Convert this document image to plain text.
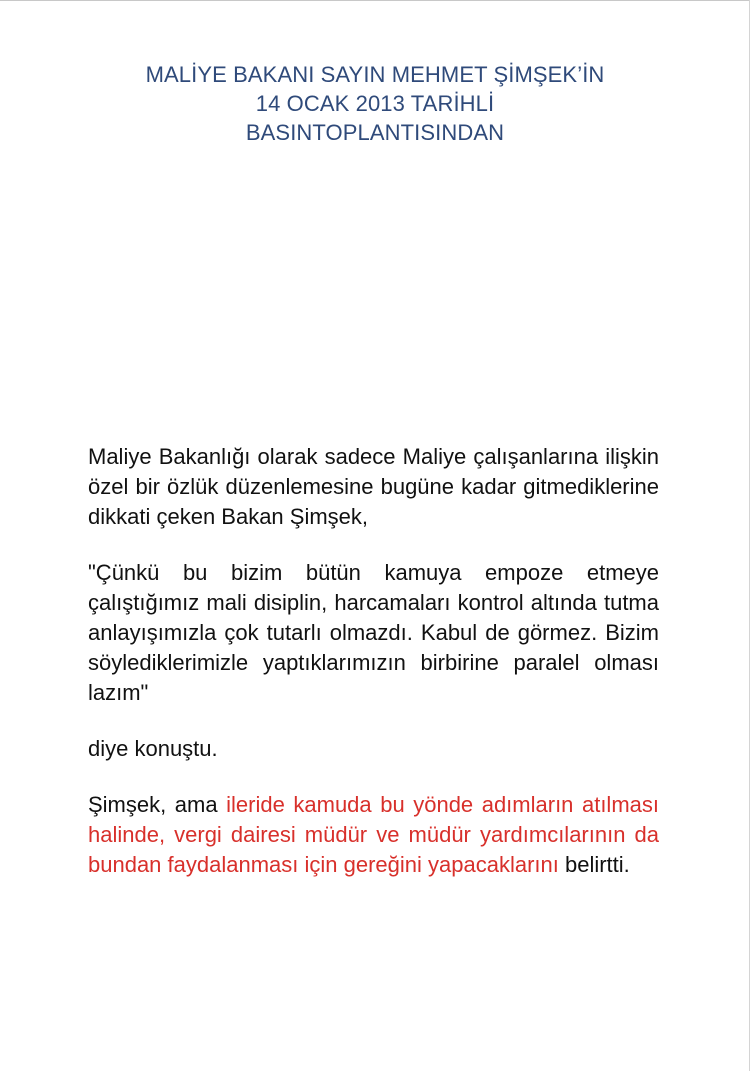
MALİYE BAKANI SAYIN MEHMET ŞİMŞEK’İN
14 OCAK 2013 TARİHLİ
BASINTOPLANTISINDAN

Maliye Bakanlığı olarak sadece Maliye çalışanlarına ilişkin özel bir özlük düzenlemesine bugüne kadar gitmediklerine dikkati çeken Bakan Şimşek,

"Çünkü bu bizim bütün kamuya empoze etmeye çalıştığımız mali disiplin, harcamaları kontrol altında tutma anlayışımızla çok tutarlı olmazdı. Kabul de görmez. Bizim söylediklerimizle yaptıklarımızın birbirine paralel olması lazım"

diye konuştu.

Şimşek, ama ileride kamuda bu yönde adımların atılması halinde, vergi dairesi müdür ve müdür yardımcılarının da bundan faydalanması için gereğini yapacaklarını belirtti.
